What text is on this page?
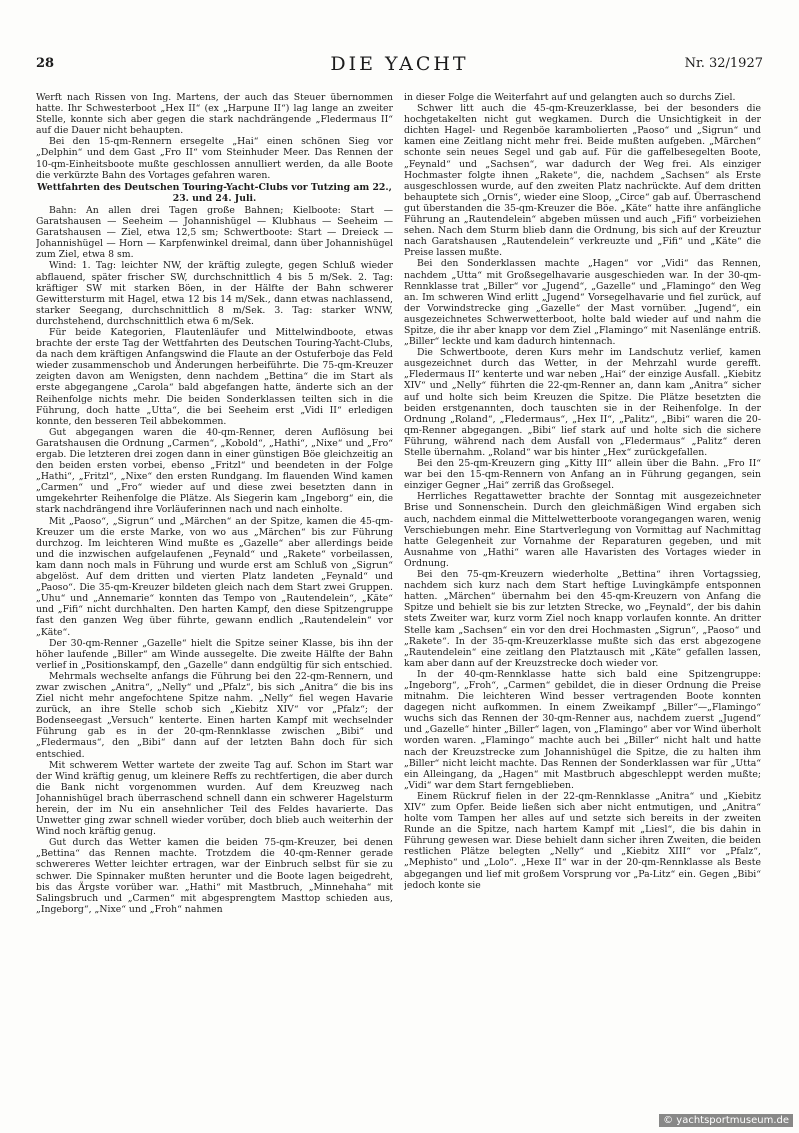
28	DIE YACHT	Nr. 32/1927

Werft nach Rissen von Ing. Martens, der auch das Steuer übernommen hatte. Ihr Schwesterboot „Hex II“ (ex „Harpune II“) lag lange an zweiter Stelle, konnte sich aber gegen die stark nachdrängende „Fledermaus II“ auf die Dauer nicht behaupten.

Bei den 15-qm-Rennern ersegelte „Hai“ einen schönen Sieg vor „Delphin“ und dem Gast „Fro II“ vom Steinhuder Meer. Das Rennen der 10-qm-Einheitsboote mußte geschlossen annulliert werden, da alle Boote die verkürzte Bahn des Vortages gefahren waren.

Wettfahrten des Deutschen Touring-Yacht-Clubs vor Tutzing am 22., 23. und 24. Juli.

Bahn: An allen drei Tagen große Bahnen; Kielboote: Start — Garatshausen — Seeheim — Johannishügel — Klubhaus — Seeheim — Garatshausen — Ziel, etwa 12,5 sm; Schwertboote: Start — Dreieck — Johannishügel — Horn — Karpfenwinkel dreimal, dann über Johannishügel zum Ziel, etwa 8 sm.

Wind: 1. Tag: leichter NW, der kräftig zulegte, gegen Schluß wieder abflauend, später frischer SW, durchschnittlich 4 bis 5 m/Sek. 2. Tag: kräftiger SW mit starken Böen, in der Hälfte der Bahn schwerer Gewittersturm mit Hagel, etwa 12 bis 14 m/Sek., dann etwas nachlassend, starker Seegang, durchschnittlich 8 m/Sek. 3. Tag: starker WNW, durchstehend, durchschnittlich etwa 6 m/Sek.

Für beide Kategorien, Flautenläufer und Mittelwindboote, etwas brachte der erste Tag der Wettfahrten des Deutschen Touring-Yacht-Clubs, da nach dem kräftigen Anfangswind die Flaute an der Ostuferboje das Feld wieder zusammenschob und Änderungen herbeiführte. Die 75-qm-Kreuzer zeigten davon am Wenigsten, denn nachdem „Bettina“ die im Start als erste abgegangene „Carola“ bald abgefangen hatte, änderte sich an der Reihenfolge nichts mehr. Die beiden Sonderklassen teilten sich in die Führung, doch hatte „Utta“, die bei Seeheim erst „Vidi II“ erledigen konnte, den besseren Teil abbekommen.

Gut abgegangen waren die 40-qm-Renner, deren Auflösung bei Garatshausen die Ordnung „Carmen“, „Kobold“, „Hathi“, „Nixe“ und „Fro“ ergab. Die letzteren drei zogen dann in einer günstigen Böe gleichzeitig an den beiden ersten vorbei, ebenso „Fritzl“ und beendeten in der Folge „Hathi“, „Fritzl“, „Nixe“ den ersten Rundgang. Im flauenden Wind kamen „Carmen“ und „Fro“ wieder auf und diese zwei besetzten dann in umgekehrter Reihenfolge die Plätze. Als Siegerin kam „Ingeborg“ ein, die stark nachdrängend ihre Vorläuferinnen nach und nach einholte.

Mit „Paoso“, „Sigrun“ und „Märchen“ an der Spitze, kamen die 45-qm-Kreuzer um die erste Marke, von wo aus „Märchen“ bis zur Führung durchzog. Im leichteren Wind mußte es „Gazelle“ aber allerdings beide und die inzwischen aufgelaufenen „Feynald“ und „Rakete“ vorbeilassen, kam dann noch mals in Führung und wurde erst am Schluß von „Sigrun“ abgelöst. Auf dem dritten und vierten Platz landeten „Feynald“ und „Paoso“. Die 35-qm-Kreuzer bildeten gleich nach dem Start zwei Gruppen. „Uhu“ und „Annemarie“ konnten das Tempo von „Rautendelein“, „Käte“ und „Fifi“ nicht durchhalten. Den harten Kampf, den diese Spitzengruppe fast den ganzen Weg über führte, gewann endlich „Rautendelein“ vor „Käte“.

Der 30-qm-Renner „Gazelle“ hielt die Spitze seiner Klasse, bis ihn der höher laufende „Biller“ am Winde aussegelte. Die zweite Hälfte der Bahn verlief in „Positionskampf, den „Gazelle“ dann endgültig für sich entschied.

Mehrmals wechselte anfangs die Führung bei den 22-qm-Rennern, und zwar zwischen „Anitra“, „Nelly“ und „Pfalz“, bis sich „Anitra“ die bis ins Ziel nicht mehr angefochtene Spitze nahm. „Nelly“ fiel wegen Havarie zurück, an ihre Stelle schob sich „Kiebitz XIV“ vor „Pfalz“; der Bodenseegast „Versuch“ kenterte. Einen harten Kampf mit wechselnder Führung gab es in der 20-qm-Rennklasse zwischen „Bibi“ und „Fledermaus“, den „Bibi“ dann auf der letzten Bahn doch für sich entschied.

Mit schwerem Wetter wartete der zweite Tag auf. Schon im Start war der Wind kräftig genug, um kleinere Reffs zu rechtfertigen, die aber durch die Bank nicht vorgenommen wurden. Auf dem Kreuzweg nach Johannishügel brach überraschend schnell dann ein schwerer Hagelsturm herein, der im Nu ein ansehnlicher Teil des Feldes havarierte. Das Unwetter ging zwar schnell wieder vorüber, doch blieb auch weiterhin der Wind noch kräftig genug.

Gut durch das Wetter kamen die beiden 75-qm-Kreuzer, bei denen „Bettina“ das Rennen machte. Trotzdem die 40-qm-Renner gerade schwereres Wetter leichter ertragen, war der Einbruch selbst für sie zu schwer. Die Spinnaker mußten herunter und die Boote lagen beigedreht, bis das Ärgste vorüber war. „Hathi“ mit Mastbruch, „Minnehaha“ mit Salingsbruch und „Carmen“ mit abgesprengtem Masttop schieden aus, „Ingeborg“, „Nixe“ und „Froh“ nahmen

in dieser Folge die Weiterfahrt auf und gelangten auch so durchs Ziel.

Schwer litt auch die 45-qm-Kreuzerklasse, bei der besonders die hochgetakelten nicht gut wegkamen. Durch die Unsichtigkeit in der dichten Hagel- und Regenböe karambolierten „Paoso“ und „Sigrun“ und kamen eine Zeitlang nicht mehr frei. Beide mußten aufgeben. „Märchen“ schonte sein neues Segel und gab auf. Für die gaffelbesegelten Boote, „Feynald“ und „Sachsen“, war dadurch der Weg frei. Als einziger Hochmaster folgte ihnen „Rakete“, die, nachdem „Sachsen“ als Erste ausgeschlossen wurde, auf den zweiten Platz nachrückte. Auf dem dritten behauptete sich „Ornis“, wieder eine Sloop, „Circe“ gab auf. Überraschend gut überstanden die 35-qm-Kreuzer die Böe. „Käte“ hatte ihre anfängliche Führung an „Rautendelein“ abgeben müssen und auch „Fifi“ vorbeiziehen sehen. Nach dem Sturm blieb dann die Ordnung, bis sich auf der Kreuztur nach Garatshausen „Rautendelein“ verkreuzte und „Fifi“ und „Käte“ die Preise lassen mußte.

Bei den Sonderklassen machte „Hagen“ vor „Vidi“ das Rennen, nachdem „Utta“ mit Großsegelhavarie ausgeschieden war. In der 30-qm-Rennklasse trat „Biller“ vor „Jugend“, „Gazelle“ und „Flamingo“ den Weg an. Im schweren Wind erlitt „Jugend“ Vorsegelhavarie und fiel zurück, auf der Vorwindstrecke ging „Gazelle“ der Mast vornüber. „Jugend“, ein ausgezeichnetes Schwerwetterboot, holte bald wieder auf und nahm die Spitze, die ihr aber knapp vor dem Ziel „Flamingo“ mit Nasenlänge entriß. „Biller“ leckte und kam dadurch hintennach.

Die Schwertboote, deren Kurs mehr im Landschutz verlief, kamen ausgezeichnet durch das Wetter, in der Mehrzahl wurde gerefft. „Fledermaus II“ kenterte und war neben „Hai“ der einzige Ausfall. „Kiebitz XIV“ und „Nelly“ führten die 22-qm-Renner an, dann kam „Anitra“ sicher auf und holte sich beim Kreuzen die Spitze. Die Plätze besetzten die beiden erstgenannten, doch tauschten sie in der Reihenfolge. In der Ordnung „Roland“, „Fledermaus“, „Hex II“, „Palitz“, „Bibi“ waren die 20-qm-Renner abgegangen. „Bibi“ lief stark auf und holte sich die sichere Führung, während nach dem Ausfall von „Fledermaus“ „Palitz“ deren Stelle übernahm. „Roland“ war bis hinter „Hex“ zurückgefallen.

Bei den 25-qm-Kreuzern ging „Kitty III“ allein über die Bahn. „Fro II“ war bei den 15-qm-Rennern von Anfang an in Führung gegangen, sein einziger Gegner „Hai“ zerriß das Großsegel.

Herrliches Regattawetter brachte der Sonntag mit ausgezeichneter Brise und Sonnenschein. Durch den gleichmäßigen Wind ergaben sich auch, nachdem einmal die Mittelwetterboote vorangegangen waren, wenig Verschiebungen mehr. Eine Startverlegung von Vormittag auf Nachmittag hatte Gelegenheit zur Vornahme der Reparaturen gegeben, und mit Ausnahme von „Hathi“ waren alle Havaristen des Vortages wieder in Ordnung.

Bei den 75-qm-Kreuzern wiederholte „Bettina“ ihren Vortagssieg, nachdem sich kurz nach dem Start heftige Luvingkämpfe entsponnen hatten. „Märchen“ übernahm bei den 45-qm-Kreuzern von Anfang die Spitze und behielt sie bis zur letzten Strecke, wo „Feynald“, der bis dahin stets Zweiter war, kurz vorm Ziel noch knapp vorlaufen konnte. An dritter Stelle kam „Sachsen“ ein vor den drei Hochmasten „Sigrun“, „Paoso“ und „Rakete“. In der 35-qm-Kreuzerklasse mußte sich das erst abgezogene „Rautendelein“ eine zeitlang den Platztausch mit „Käte“ gefallen lassen, kam aber dann auf der Kreuzstrecke doch wieder vor.

In der 40-qm-Rennklasse hatte sich bald eine Spitzengruppe: „Ingeborg“, „Froh“, „Carmen“ gebildet, die in dieser Ordnung die Preise mitnahm. Die leichteren Wind besser vertragenden Boote konnten dagegen nicht aufkommen. In einem Zweikampf „Biller“—„Flamingo“ wuchs sich das Rennen der 30-qm-Renner aus, nachdem zuerst „Jugend“ und „Gazelle“ hinter „Biller“ lagen, von „Flamingo“ aber vor Wind überholt worden waren. „Flamingo“ machte auch bei „Biller“ nicht halt und hatte nach der Kreuzstrecke zum Johannishügel die Spitze, die zu halten ihm „Biller“ nicht leicht machte. Das Rennen der Sonderklassen war für „Utta“ ein Alleingang, da „Hagen“ mit Mastbruch abgeschleppt werden mußte; „Vidi“ war dem Start ferngeblieben.

Einem Rückruf fielen in der 22-qm-Rennklasse „Anitra“ und „Kiebitz XIV“ zum Opfer. Beide ließen sich aber nicht entmutigen, und „Anitra“ holte vom Tampen her alles auf und setzte sich bereits in der zweiten Runde an die Spitze, nach hartem Kampf mit „Liesl“, die bis dahin in Führung gewesen war. Diese behielt dann sicher ihren Zweiten, die beiden restlichen Plätze belegten „Nelly“ und „Kiebitz XIII“ vor „Pfalz“, „Mephisto“ und „Lolo“. „Hexe II“ war in der 20-qm-Rennklasse als Beste abgegangen und lief mit großem Vorsprung vor „Pa-Litz“ ein. Gegen „Bibi“ jedoch konte sie

© yachtsportmuseum.de
